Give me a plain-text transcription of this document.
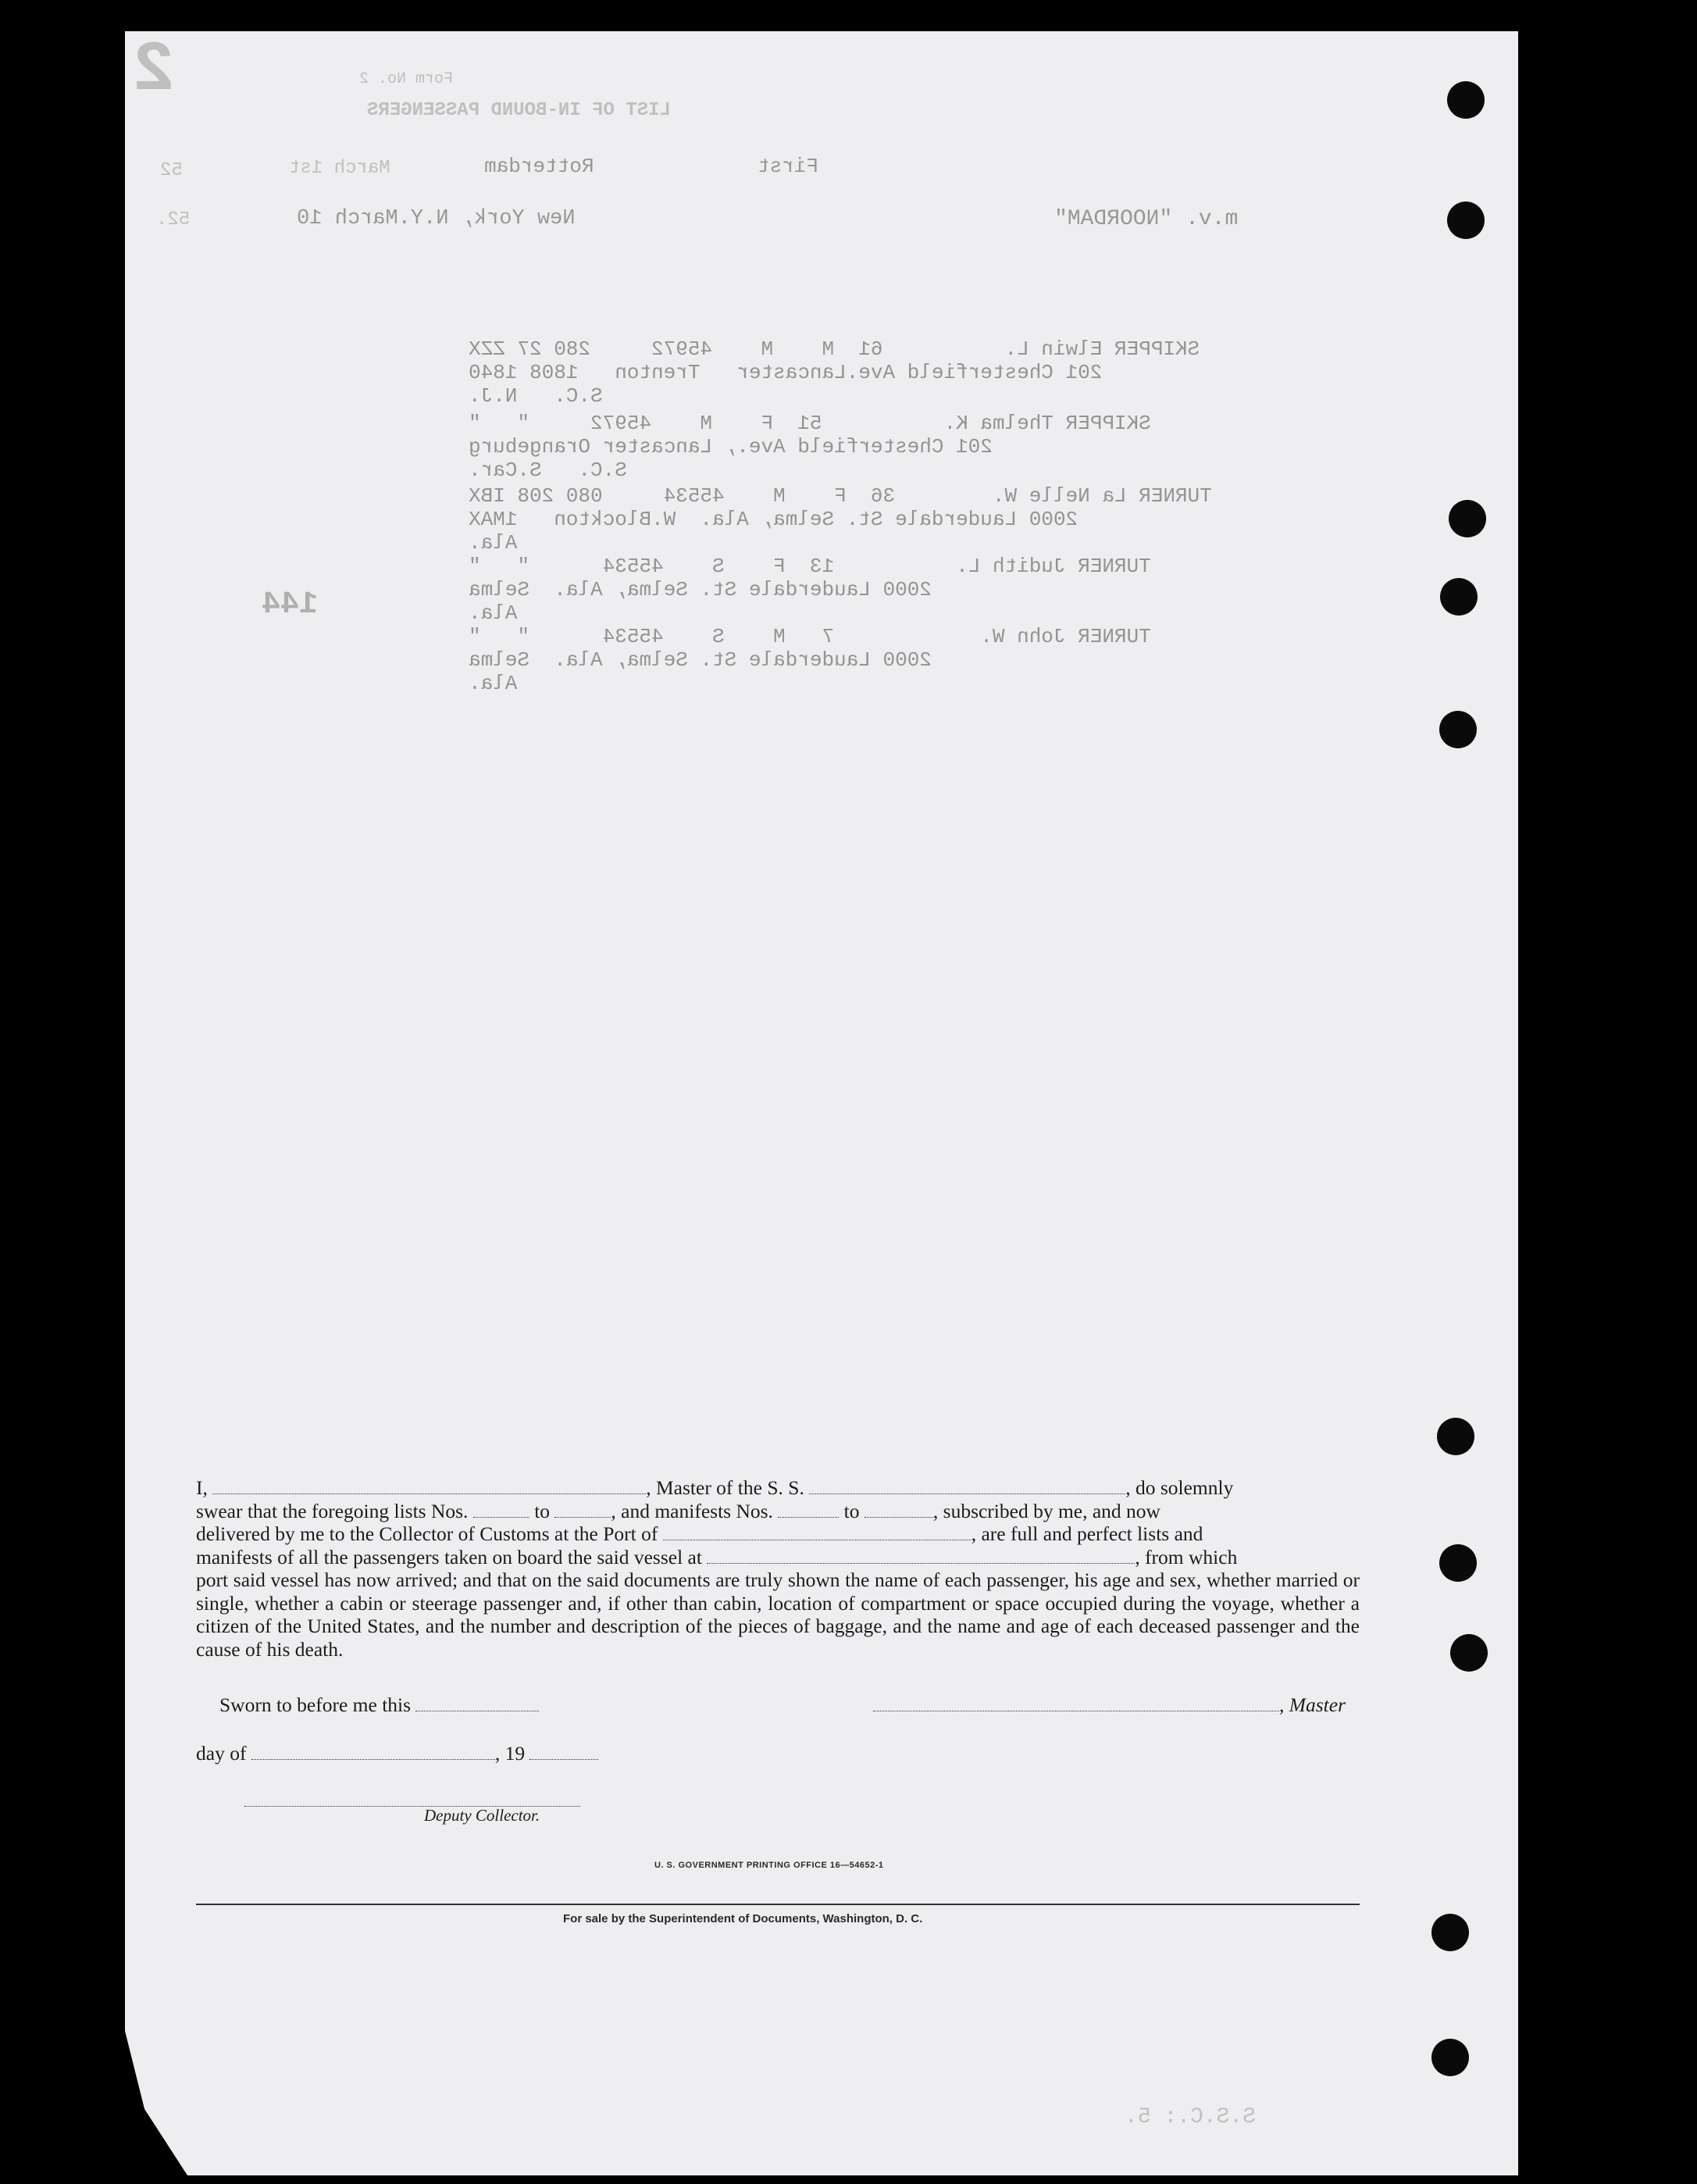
2	Form No. 2
LIST OF IN-BOUND PASSENGERS
First
Rotterdam
March 1st
52
m.v. "NOORDAM"
New York, N.Y.March 10
52.
SKIPPER Elwin L.          61  M    M    45972     280 27 ZZX
201 Chesterfield Ave.Lancaster   Trenton   1808 1840
S.C.   N.J.
SKIPPER Thelma K.          51  F    M    45972     "   "
201 Chesterfield Ave., Lancaster Orangeburg
S.C.   S.Car.
TURNER La Nelle W.        36  F    M    45534     080 208 IBX
2000 Lauderdale St. Selma, Ala.  W.Blockton   1MAX
Ala.
TURNER Judith L.          13  F    S    45534      "   "
2000 Lauderdale St. Selma, Ala.  Selma
Ala.
TURNER John W.            7   M    S    45534      "   "
2000 Lauderdale St. Selma, Ala.  Selma
Ala.
144
S.S.C.: 5.

I,	, Master of the S. S.	, do solemnly
swear that the foregoing lists Nos.	to	, and manifests Nos.	to	, subscribed by me, and now
delivered by me to the Collector of Customs at the Port of	, are full and perfect lists and
manifests of all the passengers taken on board the said vessel at	, from which
port said vessel has now arrived; and that on the said documents are truly shown the name of each passenger, his age and sex, whether married or single, whether a cabin or steerage passenger and, if other than cabin, location of compartment or space occupied during the voyage, whether a citizen of the United States, and the number and description of the pieces of baggage, and the name and age of each deceased passenger and the cause of his death.

Sworn to before me this	, Master
day of	, 19
Deputy Collector.
U. S. GOVERNMENT PRINTING OFFICE 16—54652-1
For sale by the Superintendent of Documents, Washington, D. C.
